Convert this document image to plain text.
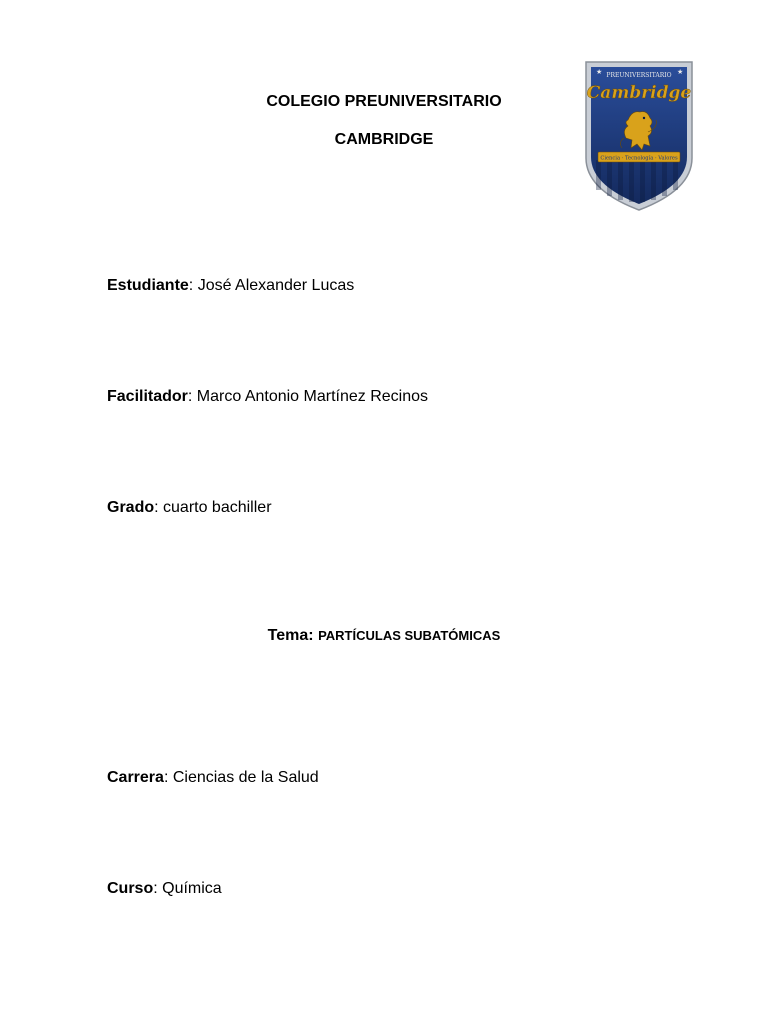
COLEGIO PREUNIVERSITARIO
CAMBRIDGE
★	★
PREUNIVERSITARIO
Cambridge
Ciencia · Tecnología · Valores
Estudiante: José Alexander Lucas
Facilitador: Marco Antonio Martínez Recinos
Grado: cuarto bachiller
Tema: PARTÍCULAS SUBATÓMICAS
Carrera: Ciencias de la Salud
Curso: Química
